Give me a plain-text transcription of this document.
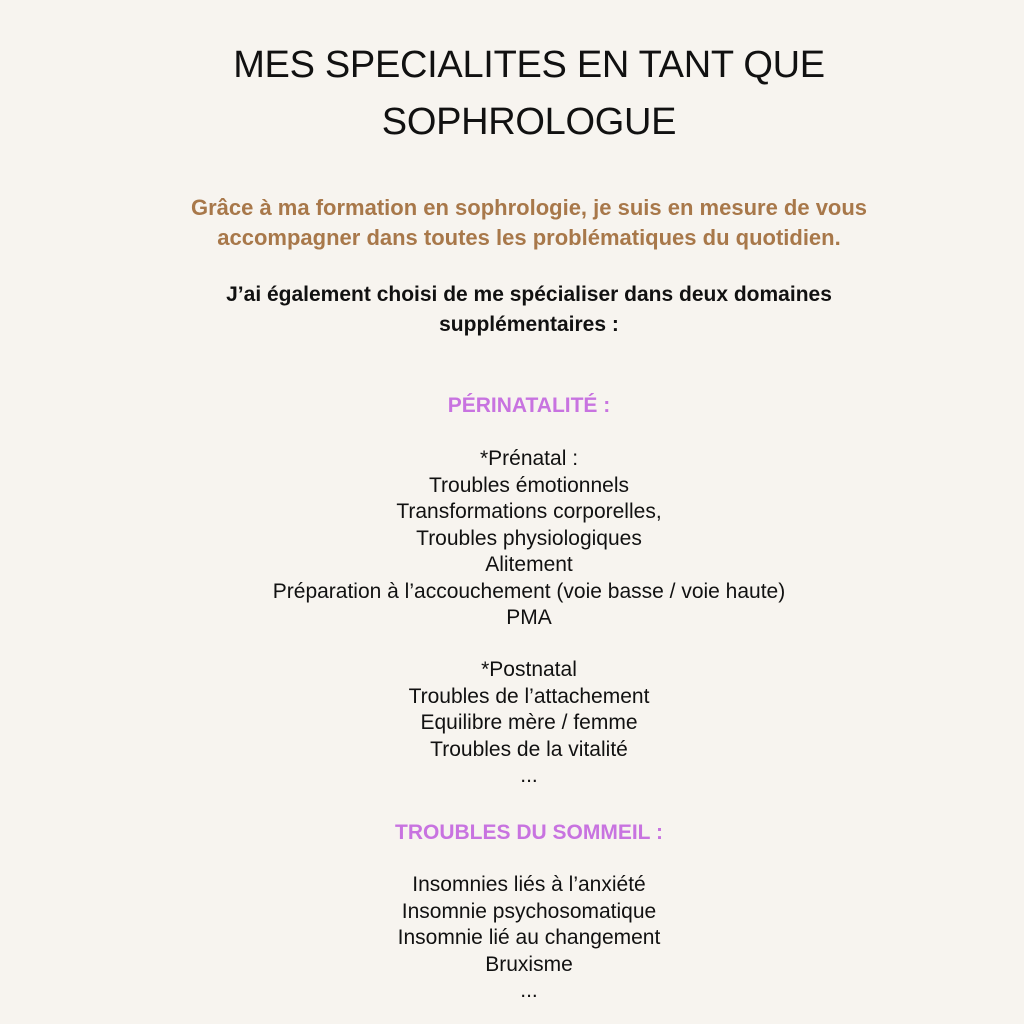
MES SPECIALITES EN TANT QUE
SOPHROLOGUE
Grâce à ma formation en sophrologie, je suis en mesure de vous
accompagner dans toutes les problématiques du quotidien.
J’ai également choisi de me spécialiser dans deux domaines
supplémentaires :
PÉRINATALITÉ :
*Prénatal :
Troubles émotionnels
Transformations corporelles,
Troubles physiologiques
Alitement
Préparation à l’accouchement (voie basse / voie haute)
PMA
*Postnatal
Troubles de l’attachement
Equilibre mère / femme
Troubles de la vitalité
...
TROUBLES DU SOMMEIL :
Insomnies liés à l’anxiété
Insomnie psychosomatique
Insomnie lié au changement
Bruxisme
...
